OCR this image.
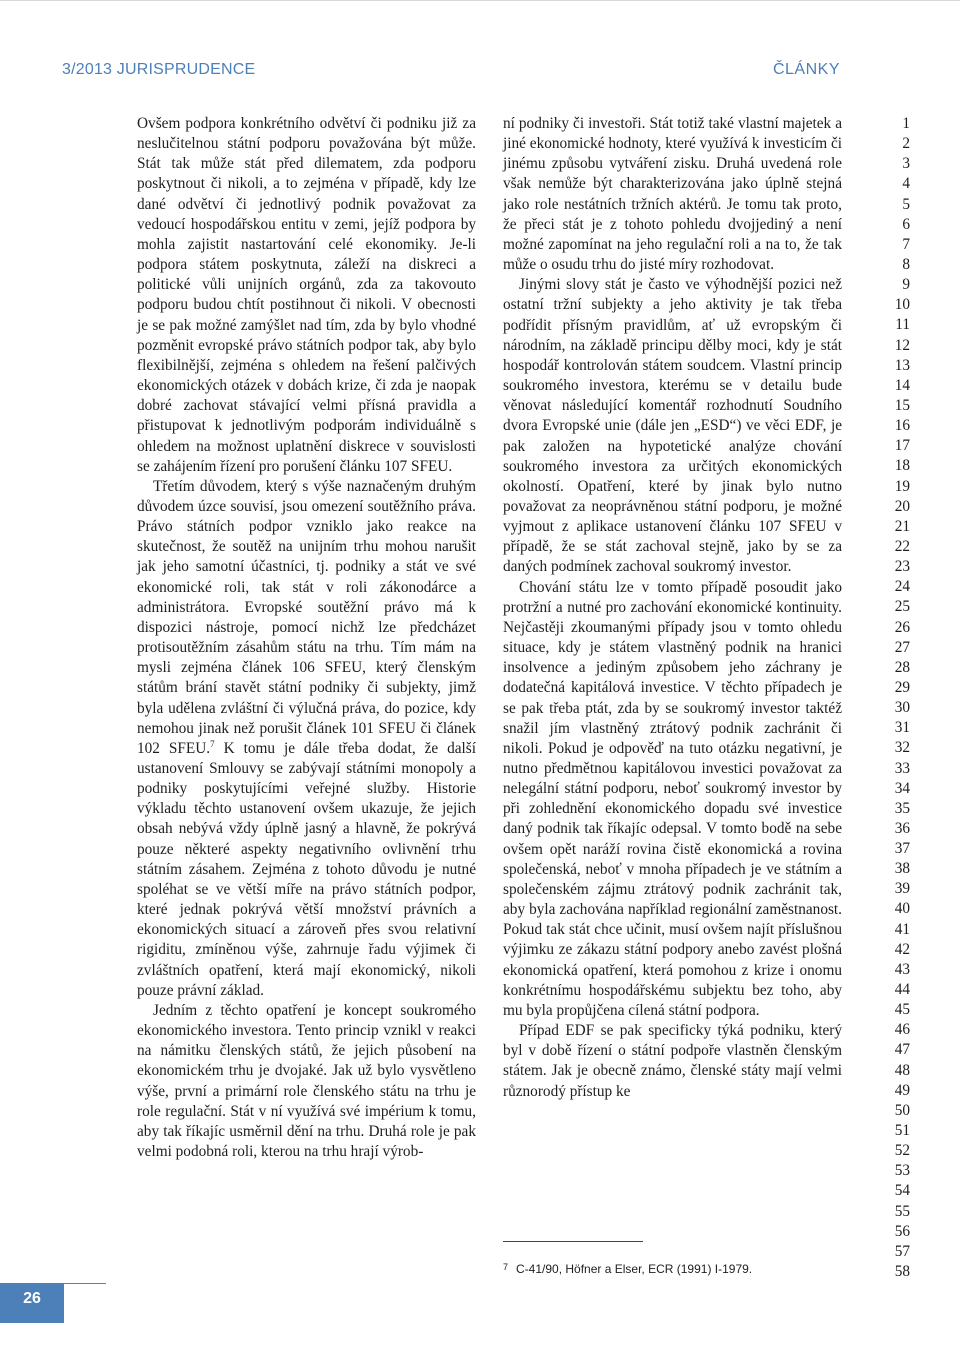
3/2013 JURISPRUDENCE	ČLÁNKY

Ovšem podpora konkrétního odvětví či podniku již za neslučitelnou státní podporu považována být může. Stát tak může stát před dilematem, zda podporu poskytnout či nikoli, a to zejména v případě, kdy lze dané odvětví či jednotlivý podnik považovat za vedoucí hospodářskou entitu v zemi, jejíž podpora by mohla zajistit nastartování celé ekonomiky. Je-li podpora státem poskytnuta, záleží na diskreci a politické vůli unijních orgánů, zda za takovouto podporu budou chtít postihnout či nikoli. V obecnosti je se pak možné zamýšlet nad tím, zda by bylo vhodné pozměnit evropské právo státních podpor tak, aby bylo flexibilnější, zejména s ohledem na řešení palčivých ekonomických otázek v dobách krize, či zda je naopak dobré zachovat stávající velmi přísná pravidla a přistupovat k jednotlivým podporám individuálně s ohledem na možnost uplatnění diskrece v souvislosti se zahájením řízení pro porušení článku 107 SFEU.

Třetím důvodem, který s výše naznačeným druhým důvodem úzce souvisí, jsou omezení soutěžního práva. Právo státních podpor vzniklo jako reakce na skutečnost, že soutěž na unijním trhu mohou narušit jak jeho samotní účastníci, tj. podniky a stát ve své ekonomické roli, tak stát v roli zákonodárce a administrátora. Evropské soutěžní právo má k dispozici nástroje, pomocí nichž lze předcházet protisoutěžním zásahům státu na trhu. Tím mám na mysli zejména článek 106 SFEU, který členským státům brání stavět státní podniky či subjekty, jimž byla udělena zvláštní či výlučná práva, do pozice, kdy nemohou jinak než porušit článek 101 SFEU či článek 102 SFEU.$^7$ K tomu je dále třeba dodat, že další ustanovení Smlouvy se zabývají státními monopoly a podniky poskytujícími veřejné služby. Historie výkladu těchto ustanovení ovšem ukazuje, že jejich obsah nebývá vždy úplně jasný a hlavně, že pokrývá pouze některé aspekty negativního ovlivnění trhu státním zásahem. Zejména z tohoto důvodu je nutné spoléhat se ve větší míře na právo státních podpor, které jednak pokrývá větší množství právních a ekonomických situací a zároveň přes svou relativní rigiditu, zmíněnou výše, zahrnuje řadu výjimek či zvláštních opatření, která mají ekonomický, nikoli pouze právní základ.

Jedním z těchto opatření je koncept soukromého ekonomického investora. Tento princip vznikl v reakci na námitku členských států, že jejich působení na ekonomickém trhu je dvojaké. Jak už bylo vysvětleno výše, první a primární role členského státu na trhu je role regulační. Stát v ní využívá své impérium k tomu, aby tak říkajíc usměrnil dění na trhu. Druhá role je pak velmi podobná roli, kterou na trhu hrají výrob-

ní podniky či investoři. Stát totiž také vlastní majetek a jiné ekonomické hodnoty, které využívá k investicím či jinému způsobu vytváření zisku. Druhá uvedená role však nemůže být charakterizována jako úplně stejná jako role nestátních tržních aktérů. Je tomu tak proto, že přeci stát je z tohoto pohledu dvojjediný a není možné zapomínat na jeho regulační roli a na to, že tak může o osudu trhu do jisté míry rozhodovat.

Jinými slovy stát je často ve výhodnější pozici než ostatní tržní subjekty a jeho aktivity je tak třeba podřídit přísným pravidlům, ať už evropským či národním, na základě principu dělby moci, kdy je stát hospodář kontrolován státem soudcem. Vlastní princip soukromého investora, kterému se v detailu bude věnovat následující komentář rozhodnutí Soudního dvora Evropské unie (dále jen „ESD“) ve věci EDF, je pak založen na hypotetické analýze chování soukromého investora za určitých ekonomických okolností. Opatření, které by jinak bylo nutno považovat za neoprávněnou státní podporu, je možné vyjmout z aplikace ustanovení článku 107 SFEU v případě, že se stát zachoval stejně, jako by se za daných podmínek zachoval soukromý investor.

Chování státu lze v tomto případě posoudit jako protržní a nutné pro zachování ekonomické kontinuity. Nejčastěji zkoumanými případy jsou v tomto ohledu situace, kdy je státem vlastněný podnik na hranici insolvence a jediným způsobem jeho záchrany je dodatečná kapitálová investice. V těchto případech je se pak třeba ptát, zda by se soukromý investor taktéž snažil jím vlastněný ztrátový podnik zachránit či nikoli. Pokud je odpověď na tuto otázku negativní, je nutno předmětnou kapitálovou investici považovat za nelegální státní podporu, neboť soukromý investor by při zohlednění ekonomického dopadu své investice daný podnik tak říkajíc odepsal. V tomto bodě na sebe ovšem opět naráží rovina čistě ekonomická a rovina společenská, neboť v mnoha případech je ve státním a společenském zájmu ztrátový podnik zachránit tak, aby byla zachována například regionální zaměstnanost. Pokud tak stát chce učinit, musí ovšem najít příslušnou výjimku ze zákazu státní podpory anebo zavést plošná ekonomická opatření, která pomohou z krize i onomu konkrétnímu hospodářskému subjektu bez toho, aby mu byla propůjčena cílená státní podpora.

Případ EDF se pak specificky týká podniku, který byl v době řízení o státní podpoře vlastněn členským státem. Jak je obecně známo, členské státy mají velmi různorodý přístup ke

1
2
3
4
5
6
7
8
9
10
11
12
13
14
15
16
17
18
19
20
21
22
23
24
25
26
27
28
29
30
31
32
33
34
35
36
37
38
39
40
41
42
43
44
45
46
47
48
49
50
51
52
53
54
55
56
57
58
$^7$ C-41/90, Höfner a Elser, ECR (1991) I-1979.
26
